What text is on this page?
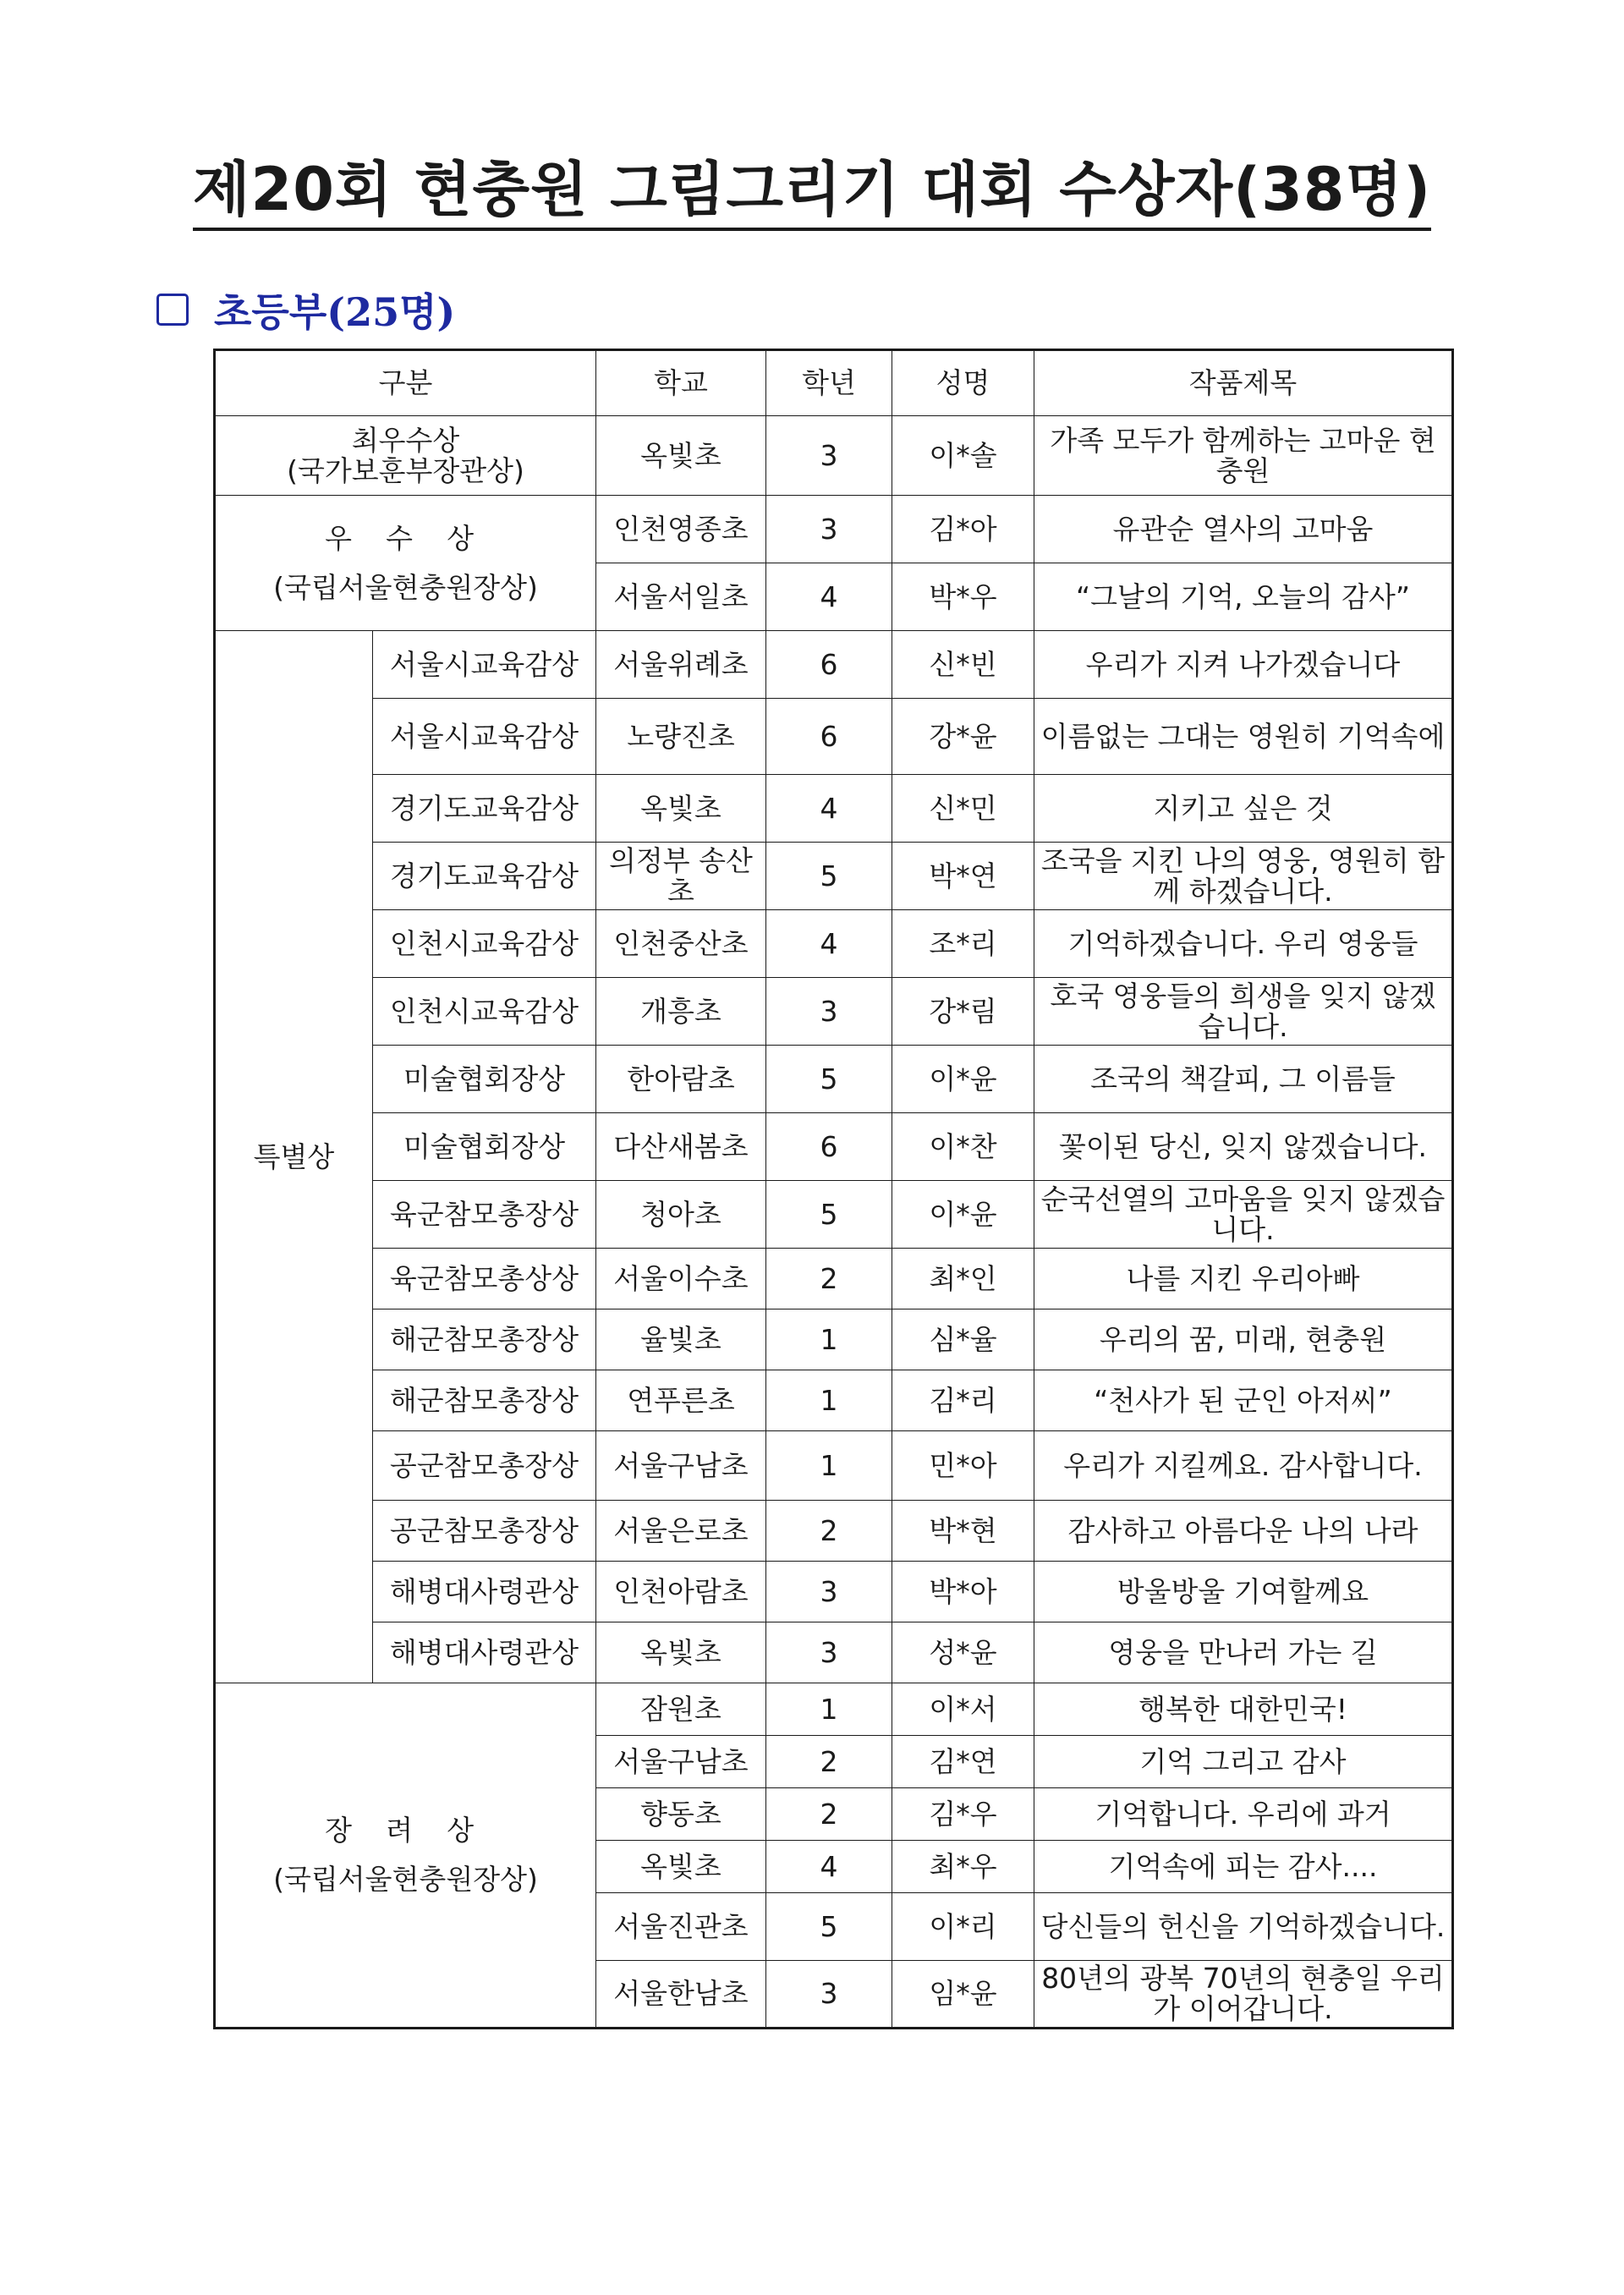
제20회 현충원 그림그리기 대회 수상자(38명)
초등부(25명)
구분		학교	학년	성명	작품제목

최우수상
(국가보훈부장관상)		옥빛초	3	이*솔	가족 모두가 함께하는 고마운 현충원

우 수 상
(국립서울현충원장상)		인천영종초	3	김*아	유관순 열사의 고마움
		서울서일초	4	박*우	“그날의 기억, 오늘의 감사”
특별상	서울시교육감상	서울위례초	6	신*빈	우리가 지켜 나가겠습니다
	서울시교육감상	노량진초	6	강*윤	이름없는 그대는 영원히 기억속에
	경기도교육감상	옥빛초	4	신*민	지키고 싶은 것
	경기도교육감상	의정부 송산초	5	박*연	조국을 지킨 나의 영웅, 영원히 함께 하겠습니다.
	인천시교육감상	인천중산초	4	조*리	기억하겠습니다. 우리 영웅들
	인천시교육감상	개흥초	3	강*림	호국 영웅들의 희생을 잊지 않겠습니다.
	미술협회장상	한아람초	5	이*윤	조국의 책갈피, 그 이름들
	미술협회장상	다산새봄초	6	이*찬	꽃이된 당신, 잊지 않겠습니다.
	육군참모총장상	청아초	5	이*윤	순국선열의 고마움을 잊지 않겠습니다.
	육군참모총상상	서울이수초	2	최*인	나를 지킨 우리아빠
	해군참모총장상	율빛초	1	심*율	우리의 꿈, 미래, 현충원
	해군참모총장상	연푸른초	1	김*리	“천사가 된 군인 아저씨”
	공군참모총장상	서울구남초	1	민*아	우리가 지킬께요. 감사합니다.
	공군참모총장상	서울은로초	2	박*현	감사하고 아름다운 나의 나라
	해병대사령관상	인천아람초	3	박*아	방울방울 기여할께요
	해병대사령관상	옥빛초	3	성*윤	영웅을 만나러 가는 길

장 려 상
(국립서울현충원장상)		잠원초	1	이*서	행복한 대한민국!
		서울구남초	2	김*연	기억 그리고 감사
		향동초	2	김*우	기억합니다. 우리에 과거
		옥빛초	4	최*우	기억속에 피는 감사....
		서울진관초	5	이*리	당신들의 헌신을 기억하겠습니다.
		서울한남초	3	임*윤	80년의 광복 70년의 현충일 우리가 이어갑니다.
